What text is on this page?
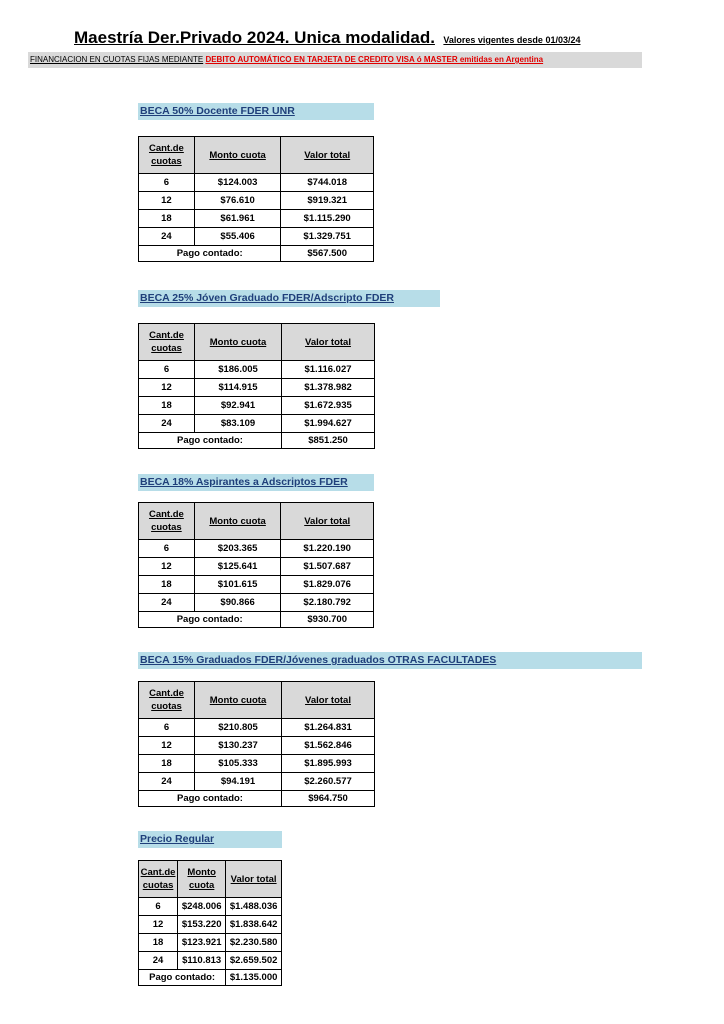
Maestría Der.Privado 2024. Unica modalidad. Valores vigentes desde 01/03/24
FINANCIACION EN CUOTAS FIJAS MEDIANTE DEBITO AUTOMÁTICO EN TARJETA DE CREDITO VISA ó MASTER emitidas en Argentina
BECA 50% Docente FDER UNR
Cant.de cuotas	Monto cuota	Valor total
6	$124.003	$744.018
12	$76.610	$919.321
18	$61.961	$1.115.290
24	$55.406	$1.329.751
Pago contado:		$567.500
BECA 25% Jóven Graduado FDER/Adscripto FDER
Cant.de cuotas	Monto cuota	Valor total
6	$186.005	$1.116.027
12	$114.915	$1.378.982
18	$92.941	$1.672.935
24	$83.109	$1.994.627
Pago contado:		$851.250
BECA 18% Aspirantes a Adscriptos FDER
Cant.de cuotas	Monto cuota	Valor total
6	$203.365	$1.220.190
12	$125.641	$1.507.687
18	$101.615	$1.829.076
24	$90.866	$2.180.792
Pago contado:		$930.700
BECA 15% Graduados FDER/Jóvenes graduados OTRAS FACULTADES
Cant.de cuotas	Monto cuota	Valor total
6	$210.805	$1.264.831
12	$130.237	$1.562.846
18	$105.333	$1.895.993
24	$94.191	$2.260.577
Pago contado:		$964.750
Precio Regular
Cant.de cuotas	Monto cuota	Valor total
6	$248.006	$1.488.036
12	$153.220	$1.838.642
18	$123.921	$2.230.580
24	$110.813	$2.659.502
Pago contado:		$1.135.000
